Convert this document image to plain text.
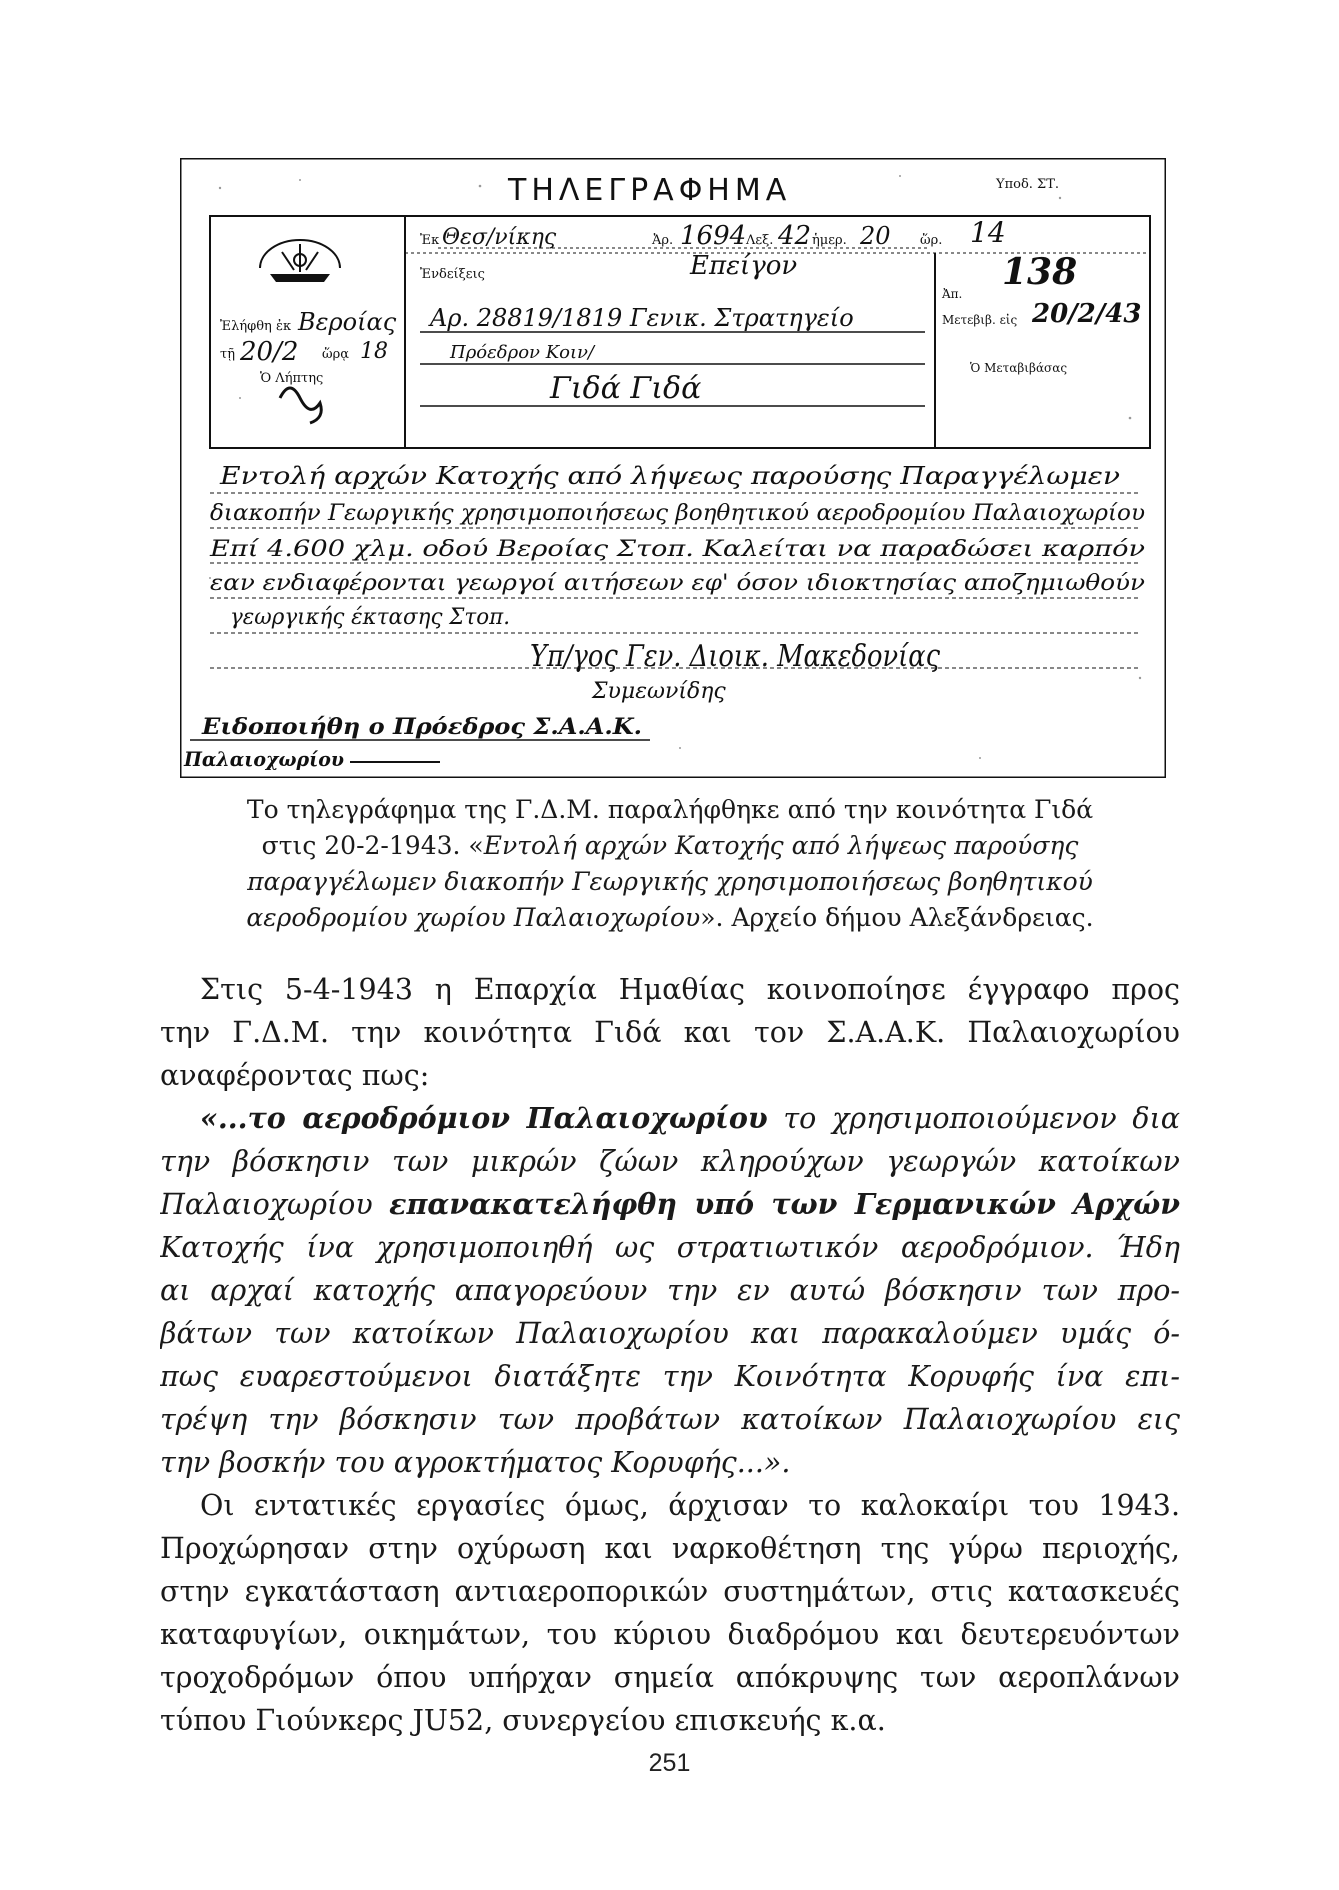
ΤΗΛΕΓΡΑΦΗΜΑ	Υποδ. ΣΤ.
Ἐλήφθη ἐκ Βεροίας
τῇ 20/2 ὥρᾳ 18
Ὁ Λήπτης
Ἐκ Θεσ/νίκης	Ἀρ. 1694 Λεξ. 42 ἡμερ. 20 ὥρ. 14
Ἐνδείξεις	Επείγον
Αρ. 28819/1819 Γενικ. Στρατηγείο
Πρόεδρον Κοιν/
Γιδά Γιδά
Ἀπ.
138
Μετεβιβ. εἰς 20/2/43
Ὁ Μεταβιβάσας
Εντολή αρχών Κατοχής από λήψεως παρούσης Παραγγέλωμεν
διακοπήν Γεωργικής χρησιμοποιήσεως βοηθητικού αεροδρομίου Παλαιοχωρίου
Επί 4.600 χλμ. οδού Βεροίας Στοπ. Καλείται να παραδώσει καρπόν
εαν ενδιαφέρονται γεωργοί αιτήσεων εφ' όσον ιδιοκτησίας αποζημιωθούν
γεωργικής έκτασης Στοπ.
Υπ/γος Γεν. Διοικ. Μακεδονίας
Συμεωνίδης
Ειδοποιήθη ο Πρόεδρος Σ.Α.Α.Κ.
Παλαιοχωρίου
Το τηλεγράφημα της Γ.Δ.Μ. παραλήφθηκε από την κοινότητα Γιδά
στις 20-2-1943. «Εντολή αρχών Κατοχής από λήψεως παρούσης
παραγγέλωμεν διακοπήν Γεωργικής χρησιμοποιήσεως βοηθητικού
αεροδρομίου χωρίου Παλαιοχωρίου». Αρχείο δήμου Αλεξάνδρειας.
Στις 5-4-1943 η Επαρχία Ημαθίας κοινοποίησε έγγραφο προς
την Γ.Δ.Μ. την κοινότητα Γιδά και τον Σ.Α.Α.Κ. Παλαιοχωρίου
αναφέροντας πως:
«...το αεροδρόμιον Παλαιοχωρίου το χρησιμοποιούμενον δια
την βόσκησιν των μικρών ζώων κληρούχων γεωργών κατοίκων
Παλαιοχωρίου επανακατελήφθη υπό των Γερμανικών Αρχών
Κατοχής ίνα χρησιμοποιηθή ως στρατιωτικόν αεροδρόμιον. Ήδη
αι αρχαί κατοχής απαγορεύουν την εν αυτώ βόσκησιν των προ-
βάτων των κατοίκων Παλαιοχωρίου και παρακαλούμεν υμάς ό-
πως ευαρεστούμενοι διατάξητε την Κοινότητα Κορυφής ίνα επι-
τρέψη την βόσκησιν των προβάτων κατοίκων Παλαιοχωρίου εις
την βοσκήν του αγροκτήματος Κορυφής...».
Οι εντατικές εργασίες όμως, άρχισαν το καλοκαίρι του 1943.
Προχώρησαν στην οχύρωση και ναρκοθέτηση της γύρω περιοχής,
στην εγκατάσταση αντιαεροπορικών συστημάτων, στις κατασκευές
καταφυγίων, οικημάτων, του κύριου διαδρόμου και δευτερευόντων
τροχοδρόμων όπου υπήρχαν σημεία απόκρυψης των αεροπλάνων
τύπου Γιούνκερς JU52, συνεργείου επισκευής κ.α.
251
